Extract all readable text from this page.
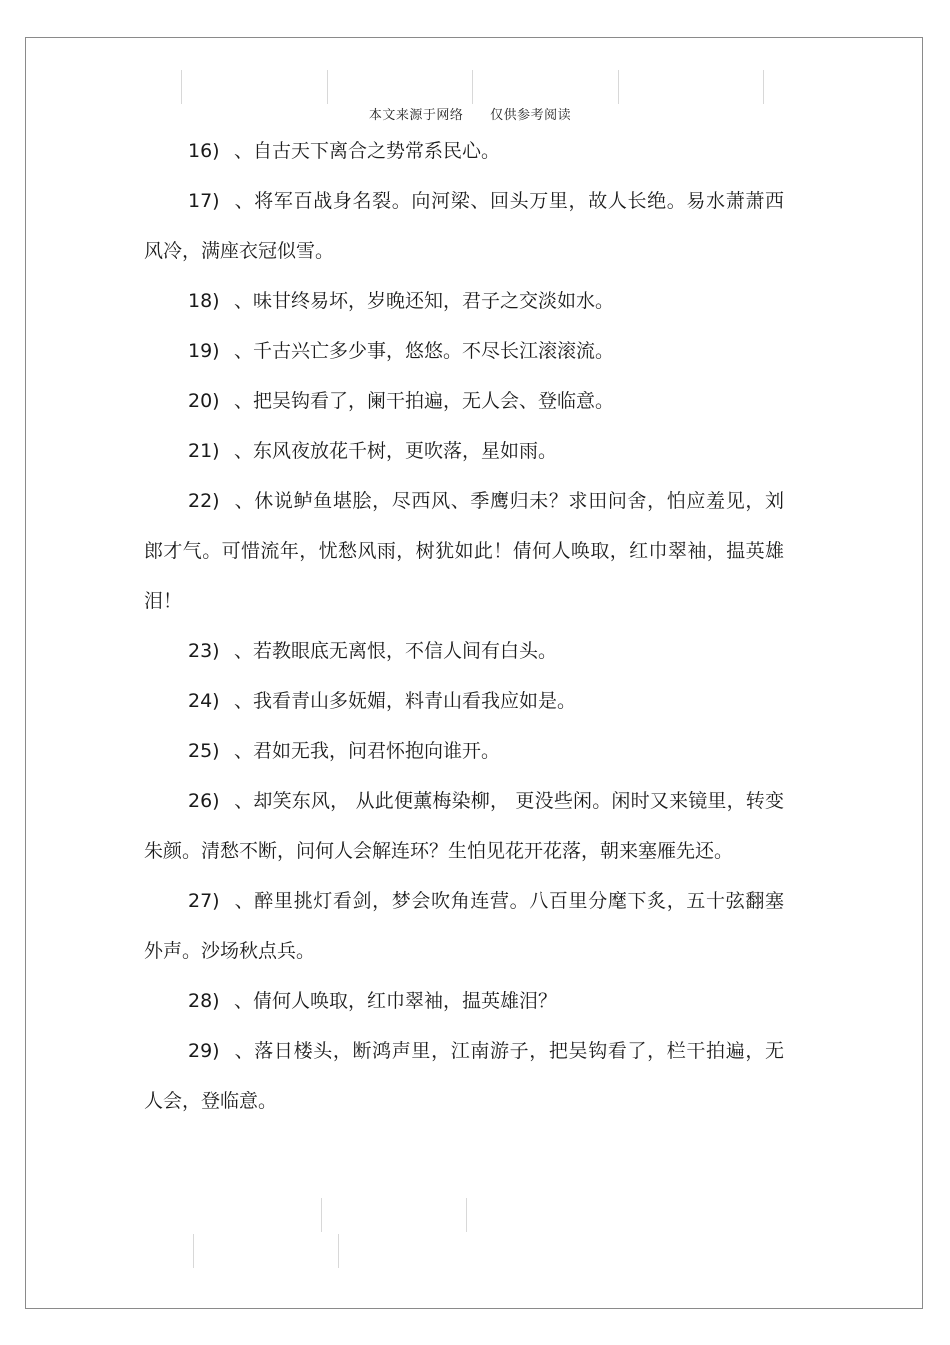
本文来源于网络 仅供参考阅读

16) 、自古天下离合之势常系民心。

17) 、将军百战身名裂。向河梁、回头万里，故人长绝。易水萧萧西风冷，满座衣冠似雪。

18) 、味甘终易坏，岁晚还知，君子之交淡如水。

19) 、千古兴亡多少事，悠悠。不尽长江滚滚流。

20) 、把吴钩看了，阑干拍遍，无人会、登临意。

21) 、东风夜放花千树，更吹落，星如雨。

22) 、休说鲈鱼堪脍，尽西风、季鹰归未？求田问舍，怕应羞见，刘郎才气。可惜流年，忧愁风雨，树犹如此！倩何人唤取，红巾翠袖，揾英雄泪！

23) 、若教眼底无离恨，不信人间有白头。

24) 、我看青山多妩媚，料青山看我应如是。

25) 、君如无我，问君怀抱向谁开。

26) 、却笑东风， 从此便薰梅染柳， 更没些闲。闲时又来镜里，转变朱颜。清愁不断，问何人会解连环？生怕见花开花落，朝来塞雁先还。

27) 、醉里挑灯看剑，梦会吹角连营。八百里分麾下炙，五十弦翻塞外声。沙场秋点兵。

28) 、倩何人唤取，红巾翠袖，揾英雄泪？

29) 、落日楼头，断鸿声里，江南游子，把吴钩看了，栏干拍遍，无人会，登临意。
